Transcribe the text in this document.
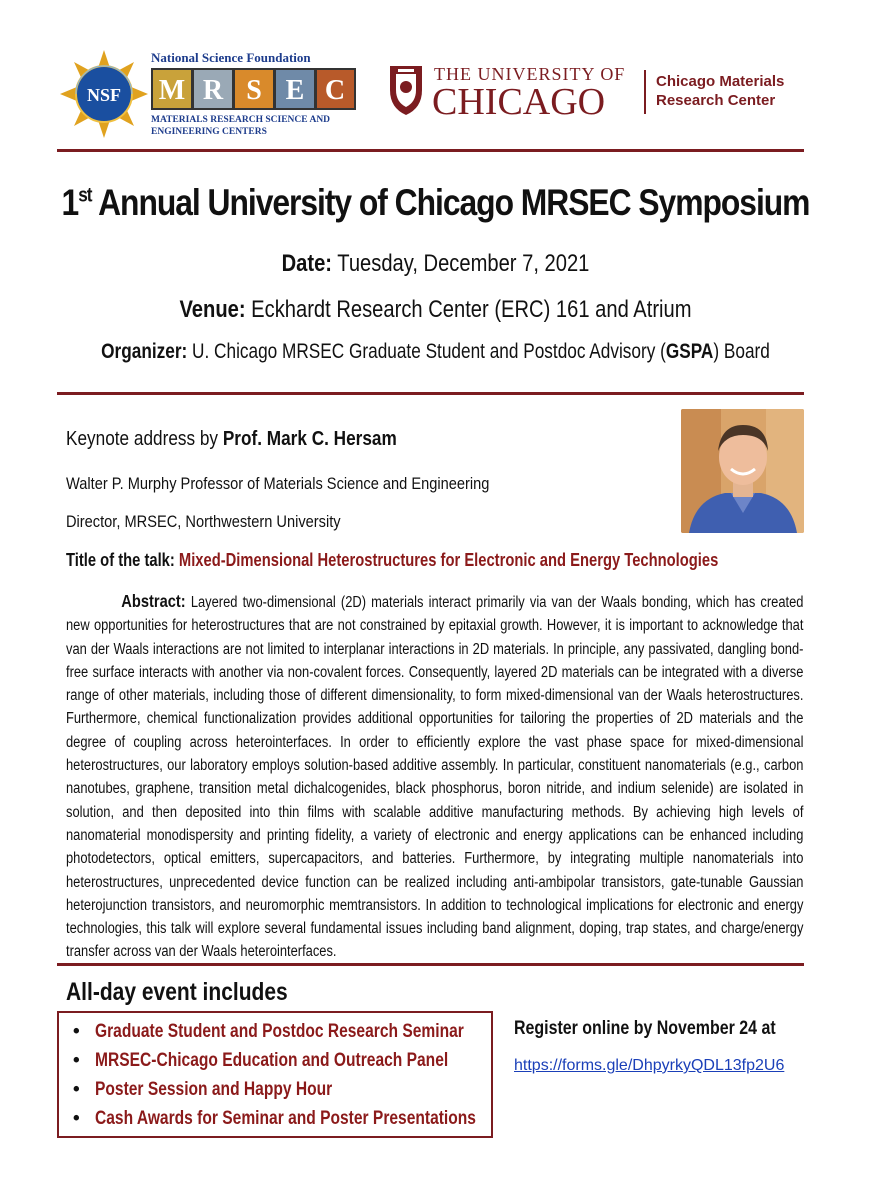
NSF
National Science Foundation
M R S E C
MATERIALS RESEARCH SCIENCE AND
ENGINEERING CENTERS
THE UNIVERSITY OF
CHICAGO	Chicago Materials
Research Center
1st Annual University of Chicago MRSEC Symposium
Date: Tuesday, December 7, 2021
Venue: Eckhardt Research Center (ERC) 161 and Atrium
Organizer: U. Chicago MRSEC Graduate Student and Postdoc Advisory (GSPA) Board
Keynote address by Prof. Mark C. Hersam
Walter P. Murphy Professor of Materials Science and Engineering
Director, MRSEC, Northwestern University
Title of the talk: Mixed-Dimensional Heterostructures for Electronic and Energy Technologies
Abstract: Layered two-dimensional (2D) materials interact primarily via van der Waals bonding, which has created new opportunities for heterostructures that are not constrained by epitaxial growth. However, it is important to acknowledge that van der Waals interactions are not limited to interplanar interactions in 2D materials. In principle, any passivated, dangling bond-free surface interacts with another via non-covalent forces. Consequently, layered 2D materials can be integrated with a diverse range of other materials, including those of different dimensionality, to form mixed-dimensional van der Waals heterostructures. Furthermore, chemical functionalization provides additional opportunities for tailoring the properties of 2D materials and the degree of coupling across heterointerfaces. In order to efficiently explore the vast phase space for mixed-dimensional heterostructures, our laboratory employs solution-based additive assembly. In particular, constituent nanomaterials (e.g., carbon nanotubes, graphene, transition metal dichalcogenides, black phosphorus, boron nitride, and indium selenide) are isolated in solution, and then deposited into thin films with scalable additive manufacturing methods. By achieving high levels of nanomaterial monodispersity and printing fidelity, a variety of electronic and energy applications can be enhanced including photodetectors, optical emitters, supercapacitors, and batteries. Furthermore, by integrating multiple nanomaterials into heterostructures, unprecedented device function can be realized including anti-ambipolar transistors, gate-tunable Gaussian heterojunction transistors, and neuromorphic memtransistors. In addition to technological implications for electronic and energy technologies, this talk will explore several fundamental issues including band alignment, doping, trap states, and charge/energy transfer across van der Waals heterointerfaces.
All-day event includes
• Graduate Student and Postdoc Research Seminar
• MRSEC-Chicago Education and Outreach Panel
• Poster Session and Happy Hour
• Cash Awards for Seminar and Poster Presentations
Register online by November 24 at
https://forms.gle/DhpyrkyQDL13fp2U6
